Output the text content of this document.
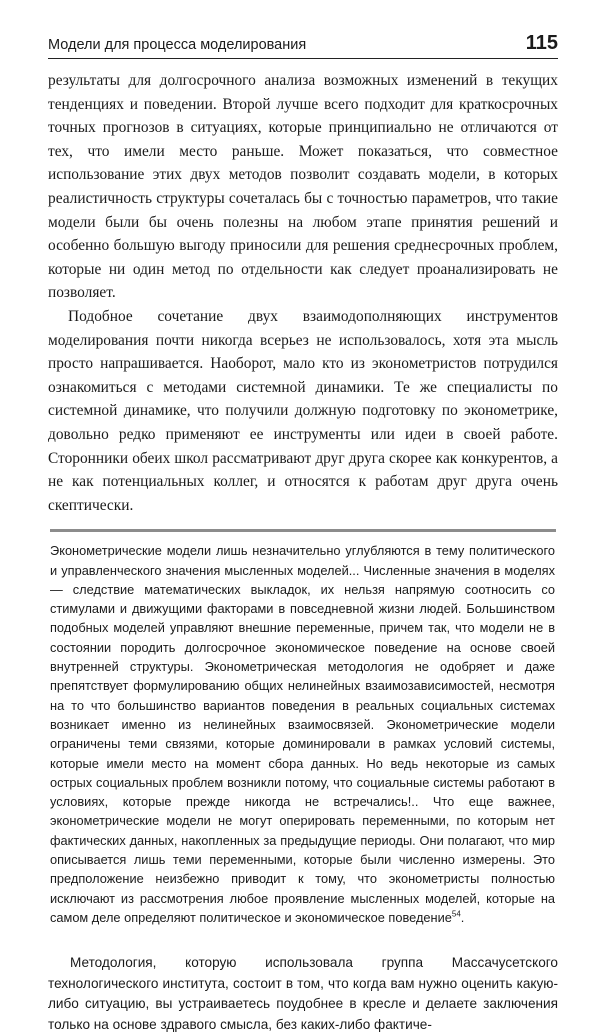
Модели для процесса моделирования	115

результаты для долгосрочного анализа возможных изменений в текущих тенденциях и поведении. Второй лучше всего подходит для краткосрочных точных прогнозов в ситуациях, которые принципиально не отличаются от тех, что имели место раньше. Может показаться, что совместное использование этих двух методов позволит создавать модели, в которых реалистичность структуры сочеталась бы с точностью параметров, что такие модели были бы очень полезны на любом этапе принятия решений и особенно большую выгоду приносили для решения среднесрочных проблем, которые ни один метод по отдельности как следует проанализировать не позволяет.

Подобное сочетание двух взаимодополняющих инструментов моделирования почти никогда всерьез не использовалось, хотя эта мысль просто напрашивается. Наоборот, мало кто из эконометристов потрудился ознакомиться с методами системной динамики. Те же специалисты по системной динамике, что получили должную подготовку по эконометрике, довольно редко применяют ее инструменты или идеи в своей работе. Сторонники обеих школ рассматривают друг друга скорее как конкурентов, а не как потенциальных коллег, и относятся к работам друг друга очень скептически.

Эконометрические модели лишь незначительно углубляются в тему политического и управленческого значения мысленных моделей... Численные значения в моделях — следствие математических выкладок, их нельзя напрямую соотносить со стимулами и движущими факторами в повседневной жизни людей. Большинством подобных моделей управляют внешние переменные, причем так, что модели не в состоянии породить долгосрочное экономическое поведение на основе своей внутренней структуры. Эконометрическая методология не одобряет и даже препятствует формулированию общих нелинейных взаимозависимостей, несмотря на то что большинство вариантов поведения в реальных социальных системах возникает именно из нелинейных взаимосвязей. Эконометрические модели ограничены теми связями, которые доминировали в рамках условий системы, которые имели место на момент сбора данных. Но ведь некоторые из самых острых социальных проблем возникли потому, что социальные системы работают в условиях, которые прежде никогда не встречались!.. Что еще важнее, эконометрические модели не могут оперировать переменными, по которым нет фактических данных, накопленных за предыдущие периоды. Они полагают, что мир описывается лишь теми переменными, которые были численно измерены. Это предположение неизбежно приводит к тому, что эконометристы полностью исключают из рассмотрения любое проявление мысленных моделей, которые на самом деле определяют политическое и экономическое поведение$^{54}$.

Методология, которую использовала группа Массачусетского технологического института, состоит в том, что когда вам нужно оценить какую-либо ситуацию, вы устраиваетесь поудобнее в кресле и делаете заключения только на основе здравого смысла, без каких-либо фактиче-
